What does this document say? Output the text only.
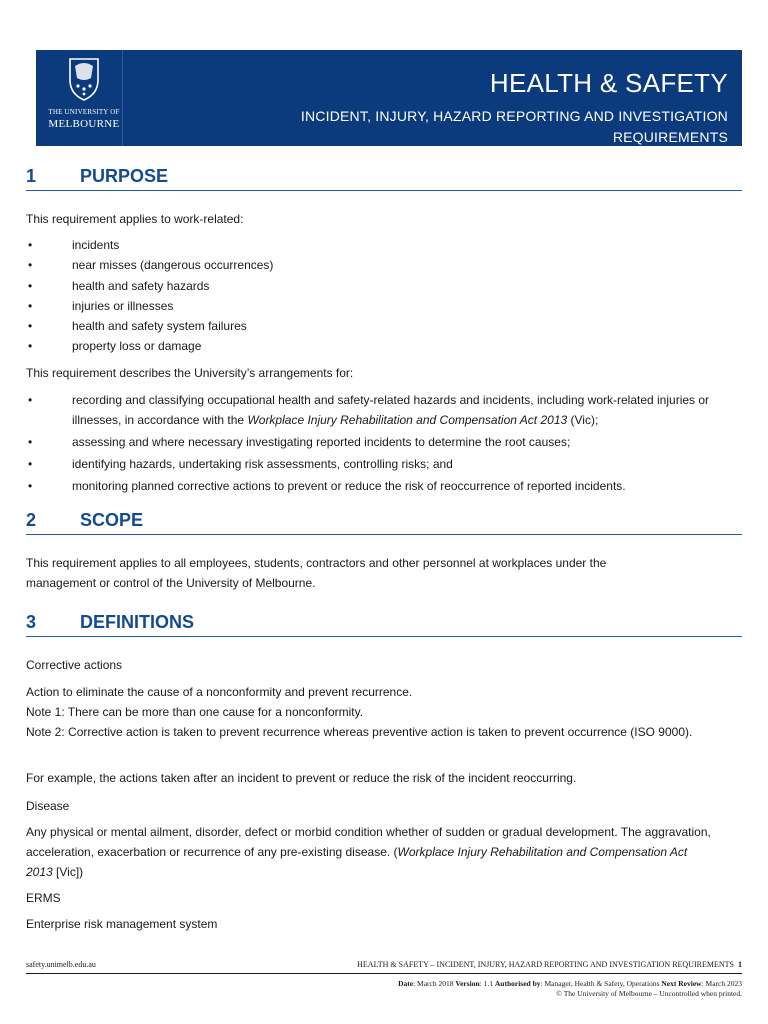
THE UNIVERSITY OF
MELBOURNE
HEALTH & SAFETY
INCIDENT, INJURY, HAZARD REPORTING AND INVESTIGATION REQUIREMENTS
1 PURPOSE
This requirement applies to work-related:
•	incidents
•	near misses (dangerous occurrences)
•	health and safety hazards
•	injuries or illnesses
•	health and safety system failures
•	property loss or damage
This requirement describes the University’s arrangements for:
•	recording and classifying occupational health and safety-related hazards and incidents, including work-related injuries or illnesses, in accordance with the Workplace Injury Rehabilitation and Compensation Act 2013 (Vic);
•	assessing and where necessary investigating reported incidents to determine the root causes;
•	identifying hazards, undertaking risk assessments, controlling risks; and
•	monitoring planned corrective actions to prevent or reduce the risk of reoccurrence of reported incidents.
2 SCOPE
This requirement applies to all employees, students, contractors and other personnel at workplaces under the management or control of the University of Melbourne.
3 DEFINITIONS
Corrective actions
Action to eliminate the cause of a nonconformity and prevent recurrence.
Note 1: There can be more than one cause for a nonconformity.
Note 2: Corrective action is taken to prevent recurrence whereas preventive action is taken to prevent occurrence (ISO 9000).
For example, the actions taken after an incident to prevent or reduce the risk of the incident reoccurring.
Disease
Any physical or mental ailment, disorder, defect or morbid condition whether of sudden or gradual development. The aggravation, acceleration, exacerbation or recurrence of any pre-existing disease. (Workplace Injury Rehabilitation and Compensation Act 2013 [Vic])
ERMS
Enterprise risk management system
safety.unimelb.edu.au	HEALTH & SAFETY – INCIDENT, INJURY, HAZARD REPORTING AND INVESTIGATION REQUIREMENTS 1
Date: March 2018 Version: 1.1 Authorised by: Manager, Health & Safety, Operations Next Review: March 2023
© The University of Melbourne – Uncontrolled when printed.
